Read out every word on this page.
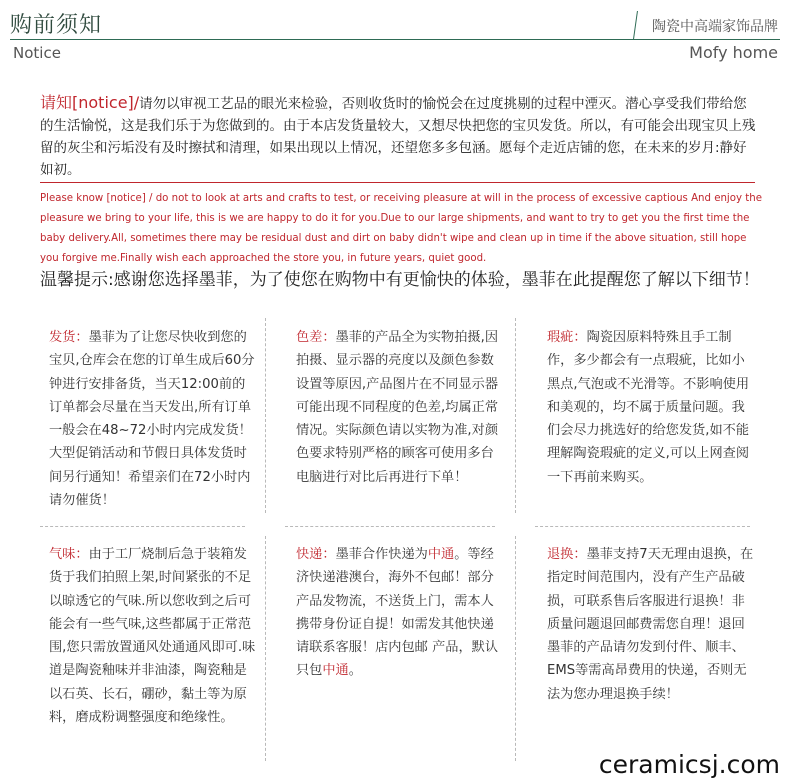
购前须知
Notice
陶瓷中高端家饰品牌
Mofy home
请知[notice]/请勿以审视工艺品的眼光来检验，否则收货时的愉悦会在过度挑剔的过程中湮灭。潜心享受我们带给您的生活愉悦，这是我们乐于为您做到的。由于本店发货量较大，又想尽快把您的宝贝发货。所以，有可能会出现宝贝上残留的灰尘和污垢没有及时擦拭和清理，如果出现以上情况，还望您多多包涵。愿每个走近店铺的您，在未来的岁月:静好如初。
Please know [notice] / do not to look at arts and crafts to test, or receiving pleasure at will in the process of excessive captious And enjoy the pleasure we bring to your life, this is we are happy to do it for you.Due to our large shipments, and want to try to get you the first time the baby delivery.All, sometimes there may be residual dust and dirt on baby didn't wipe and clean up in time if the above situation, still hope you forgive me.Finally wish each approached the store you, in future years, quiet good.
温馨提示:感谢您选择墨菲，为了使您在购物中有更愉快的体验，墨菲在此提醒您了解以下细节！
发货：墨菲为了让您尽快收到您的宝贝,仓库会在您的订单生成后60分钟进行安排备货，当天12:00前的订单都会尽量在当天发出,所有订单一般会在48~72小时内完成发货！大型促销活动和节假日具体发货时间另行通知！希望亲们在72小时内请勿催货！
色差：墨菲的产品全为实物拍摄,因拍摄、显示器的亮度以及颜色参数设置等原因,产品图片在不同显示器可能出现不同程度的色差,均属正常情况。实际颜色请以实物为准,对颜色要求特别严格的顾客可使用多台电脑进行对比后再进行下单！
瑕疵：陶瓷因原料特殊且手工制作，多少都会有一点瑕疵，比如小黑点,气泡或不光滑等。不影响使用和美观的，均不属于质量问题。我们会尽力挑选好的给您发货,如不能理解陶瓷瑕疵的定义,可以上网查阅一下再前来购买。
气味：由于工厂烧制后急于装箱发货于我们拍照上架,时间紧张的不足以晾透它的气味.所以您收到之后可能会有一些气味,这些都属于正常范围,您只需放置通风处通通风即可.味道是陶瓷釉味并非油漆，陶瓷釉是以石英、长石，硼砂，黏土等为原料，磨成粉调整强度和绝缘性。
快递：墨菲合作快递为中通。等经济快递港澳台，海外不包邮！部分产品发物流，不送货上门，需本人携带身份证自提！如需发其他快递请联系客服！店内包邮 产品，默认只包中通。
退换：墨菲支持7天无理由退换，在指定时间范围内，没有产生产品破损，可联系售后客服进行退换！非质量问题退回邮费需您自理！退回墨菲的产品请勿发到付件、顺丰、EMS等需高昂费用的快递，否则无法为您办理退换手续！
ceramicsj.com
